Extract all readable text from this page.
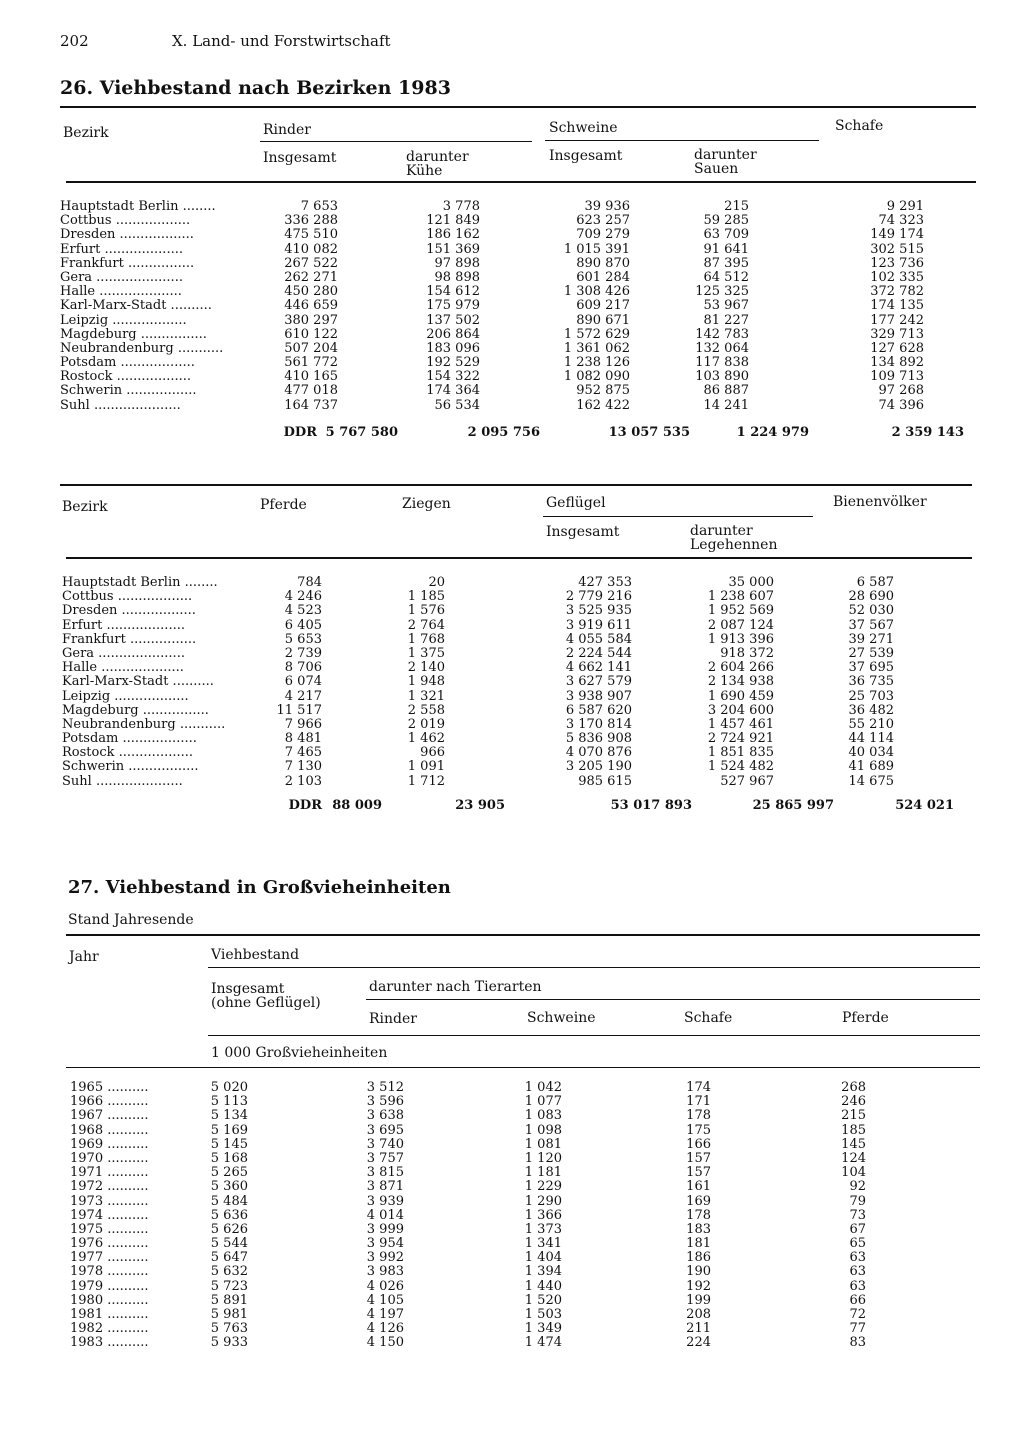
202	X. Land- und Forstwirtschaft
26. Viehbestand nach Bezirken 1983
Bezirk	Rinder	Schweine	Schafe
Insgesamt	darunter
Kühe
Insgesamt	darunter
Sauen
Hauptstadt Berlin ........	7 653	3 778	39 936	215	9 291
Cottbus ..................	336 288	121 849	623 257	59 285	74 323
Dresden ..................	475 510	186 162	709 279	63 709	149 174
Erfurt ...................	410 082	151 369	1 015 391	91 641	302 515
Frankfurt ................	267 522	97 898	890 870	87 395	123 736
Gera .....................	262 271	98 898	601 284	64 512	102 335
Halle ....................	450 280	154 612	1 308 426	125 325	372 782
Karl-Marx-Stadt ..........	446 659	175 979	609 217	53 967	174 135
Leipzig ..................	380 297	137 502	890 671	81 227	177 242
Magdeburg ................	610 122	206 864	1 572 629	142 783	329 713
Neubrandenburg ...........	507 204	183 096	1 361 062	132 064	127 628
Potsdam ..................	561 772	192 529	1 238 126	117 838	134 892
Rostock ..................	410 165	154 322	1 082 090	103 890	109 713
Schwerin .................	477 018	174 364	952 875	86 887	97 268
Suhl .....................	164 737	56 534	162 422	14 241	74 396
DDR 5 767 580	2 095 756	13 057 535	1 224 979	2 359 143
Bezirk	Pferde	Ziegen	Geflügel	Bienenvölker
Insgesamt	darunter
Legehennen
Hauptstadt Berlin ........	784	20	427 353	35 000	6 587
Cottbus ..................	4 246	1 185	2 779 216	1 238 607	28 690
Dresden ..................	4 523	1 576	3 525 935	1 952 569	52 030
Erfurt ...................	6 405	2 764	3 919 611	2 087 124	37 567
Frankfurt ................	5 653	1 768	4 055 584	1 913 396	39 271
Gera .....................	2 739	1 375	2 224 544	918 372	27 539
Halle ....................	8 706	2 140	4 662 141	2 604 266	37 695
Karl-Marx-Stadt ..........	6 074	1 948	3 627 579	2 134 938	36 735
Leipzig ..................	4 217	1 321	3 938 907	1 690 459	25 703
Magdeburg ................	11 517	2 558	6 587 620	3 204 600	36 482
Neubrandenburg ...........	7 966	2 019	3 170 814	1 457 461	55 210
Potsdam ..................	8 481	1 462	5 836 908	2 724 921	44 114
Rostock ..................	7 465	966	4 070 876	1 851 835	40 034
Schwerin .................	7 130	1 091	3 205 190	1 524 482	41 689
Suhl .....................	2 103	1 712	985 615	527 967	14 675
DDR 88 009	23 905	53 017 893	25 865 997	524 021
27. Viehbestand in Großvieheinheiten
Stand Jahresende
Jahr	Viehbestand
Insgesamt
(ohne Geflügel)
darunter nach Tierarten
Rinder	Schweine	Schafe	Pferde
1 000 Großvieheinheiten
1965 ..........	5 020	3 512	1 042	174	268
1966 ..........	5 113	3 596	1 077	171	246
1967 ..........	5 134	3 638	1 083	178	215
1968 ..........	5 169	3 695	1 098	175	185
1969 ..........	5 145	3 740	1 081	166	145
1970 ..........	5 168	3 757	1 120	157	124
1971 ..........	5 265	3 815	1 181	157	104
1972 ..........	5 360	3 871	1 229	161	92
1973 ..........	5 484	3 939	1 290	169	79
1974 ..........	5 636	4 014	1 366	178	73
1975 ..........	5 626	3 999	1 373	183	67
1976 ..........	5 544	3 954	1 341	181	65
1977 ..........	5 647	3 992	1 404	186	63
1978 ..........	5 632	3 983	1 394	190	63
1979 ..........	5 723	4 026	1 440	192	63
1980 ..........	5 891	4 105	1 520	199	66
1981 ..........	5 981	4 197	1 503	208	72
1982 ..........	5 763	4 126	1 349	211	77
1983 ..........	5 933	4 150	1 474	224	83
